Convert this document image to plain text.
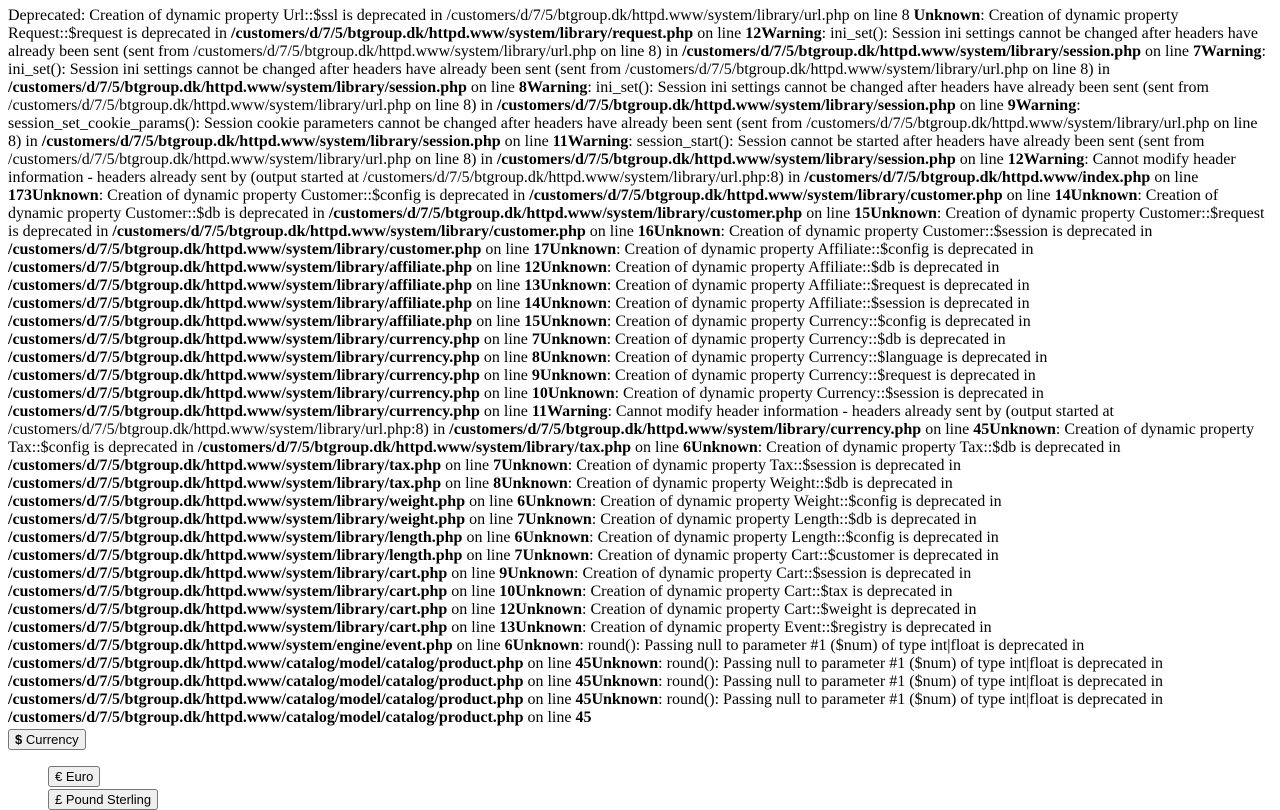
Deprecated: Creation of dynamic property Url::$ssl is deprecated in /customers/d/7/5/btgroup.dk/httpd.www/system/library/url.php on line 8 Unknown: Creation of dynamic property Request::$request is deprecated in /customers/d/7/5/btgroup.dk/httpd.www/system/library/request.php on line 12Warning: ini_set(): Session ini settings cannot be changed after headers have already been sent (sent from /customers/d/7/5/btgroup.dk/httpd.www/system/library/url.php on line 8) in /customers/d/7/5/btgroup.dk/httpd.www/system/library/session.php on line 7Warning: ini_set(): Session ini settings cannot be changed after headers have already been sent (sent from /customers/d/7/5/btgroup.dk/httpd.www/system/library/url.php on line 8) in /customers/d/7/5/btgroup.dk/httpd.www/system/library/session.php on line 8Warning: ini_set(): Session ini settings cannot be changed after headers have already been sent (sent from /customers/d/7/5/btgroup.dk/httpd.www/system/library/url.php on line 8) in /customers/d/7/5/btgroup.dk/httpd.www/system/library/session.php on line 9Warning: session_set_cookie_params(): Session cookie parameters cannot be changed after headers have already been sent (sent from /customers/d/7/5/btgroup.dk/httpd.www/system/library/url.php on line 8) in /customers/d/7/5/btgroup.dk/httpd.www/system/library/session.php on line 11Warning: session_start(): Session cannot be started after headers have already been sent (sent from /customers/d/7/5/btgroup.dk/httpd.www/system/library/url.php on line 8) in /customers/d/7/5/btgroup.dk/httpd.www/system/library/session.php on line 12Warning: Cannot modify header information - headers already sent by (output started at /customers/d/7/5/btgroup.dk/httpd.www/system/library/url.php:8) in /customers/d/7/5/btgroup.dk/httpd.www/index.php on line 173Unknown: Creation of dynamic property Customer::$config is deprecated in /customers/d/7/5/btgroup.dk/httpd.www/system/library/customer.php on line 14Unknown: Creation of dynamic property Customer::$db is deprecated in /customers/d/7/5/btgroup.dk/httpd.www/system/library/customer.php on line 15Unknown: Creation of dynamic property Customer::$request is deprecated in /customers/d/7/5/btgroup.dk/httpd.www/system/library/customer.php on line 16Unknown: Creation of dynamic property Customer::$session is deprecated in /customers/d/7/5/btgroup.dk/httpd.www/system/library/customer.php on line 17Unknown: Creation of dynamic property Affiliate::$config is deprecated in /customers/d/7/5/btgroup.dk/httpd.www/system/library/affiliate.php on line 12Unknown: Creation of dynamic property Affiliate::$db is deprecated in /customers/d/7/5/btgroup.dk/httpd.www/system/library/affiliate.php on line 13Unknown: Creation of dynamic property Affiliate::$request is deprecated in /customers/d/7/5/btgroup.dk/httpd.www/system/library/affiliate.php on line 14Unknown: Creation of dynamic property Affiliate::$session is deprecated in /customers/d/7/5/btgroup.dk/httpd.www/system/library/affiliate.php on line 15Unknown: Creation of dynamic property Currency::$config is deprecated in /customers/d/7/5/btgroup.dk/httpd.www/system/library/currency.php on line 7Unknown: Creation of dynamic property Currency::$db is deprecated in /customers/d/7/5/btgroup.dk/httpd.www/system/library/currency.php on line 8Unknown: Creation of dynamic property Currency::$language is deprecated in /customers/d/7/5/btgroup.dk/httpd.www/system/library/currency.php on line 9Unknown: Creation of dynamic property Currency::$request is deprecated in /customers/d/7/5/btgroup.dk/httpd.www/system/library/currency.php on line 10Unknown: Creation of dynamic property Currency::$session is deprecated in /customers/d/7/5/btgroup.dk/httpd.www/system/library/currency.php on line 11Warning: Cannot modify header information - headers already sent by (output started at /customers/d/7/5/btgroup.dk/httpd.www/system/library/url.php:8) in /customers/d/7/5/btgroup.dk/httpd.www/system/library/currency.php on line 45Unknown: Creation of dynamic property Tax::$config is deprecated in /customers/d/7/5/btgroup.dk/httpd.www/system/library/tax.php on line 6Unknown: Creation of dynamic property Tax::$db is deprecated in /customers/d/7/5/btgroup.dk/httpd.www/system/library/tax.php on line 7Unknown: Creation of dynamic property Tax::$session is deprecated in /customers/d/7/5/btgroup.dk/httpd.www/system/library/tax.php on line 8Unknown: Creation of dynamic property Weight::$db is deprecated in /customers/d/7/5/btgroup.dk/httpd.www/system/library/weight.php on line 6Unknown: Creation of dynamic property Weight::$config is deprecated in /customers/d/7/5/btgroup.dk/httpd.www/system/library/weight.php on line 7Unknown: Creation of dynamic property Length::$db is deprecated in /customers/d/7/5/btgroup.dk/httpd.www/system/library/length.php on line 6Unknown: Creation of dynamic property Length::$config is deprecated in /customers/d/7/5/btgroup.dk/httpd.www/system/library/length.php on line 7Unknown: Creation of dynamic property Cart::$customer is deprecated in /customers/d/7/5/btgroup.dk/httpd.www/system/library/cart.php on line 9Unknown: Creation of dynamic property Cart::$session is deprecated in /customers/d/7/5/btgroup.dk/httpd.www/system/library/cart.php on line 10Unknown: Creation of dynamic property Cart::$tax is deprecated in /customers/d/7/5/btgroup.dk/httpd.www/system/library/cart.php on line 12Unknown: Creation of dynamic property Cart::$weight is deprecated in /customers/d/7/5/btgroup.dk/httpd.www/system/library/cart.php on line 13Unknown: Creation of dynamic property Event::$registry is deprecated in /customers/d/7/5/btgroup.dk/httpd.www/system/engine/event.php on line 6Unknown: round(): Passing null to parameter #1 ($num) of type int|float is deprecated in /customers/d/7/5/btgroup.dk/httpd.www/catalog/model/catalog/product.php on line 45Unknown: round(): Passing null to parameter #1 ($num) of type int|float is deprecated in /customers/d/7/5/btgroup.dk/httpd.www/catalog/model/catalog/product.php on line 45Unknown: round(): Passing null to parameter #1 ($num) of type int|float is deprecated in /customers/d/7/5/btgroup.dk/httpd.www/catalog/model/catalog/product.php on line 45Unknown: round(): Passing null to parameter #1 ($num) of type int|float is deprecated in /customers/d/7/5/btgroup.dk/httpd.www/catalog/model/catalog/product.php on line 45
$ Currency
€ Euro
£ Pound Sterling
